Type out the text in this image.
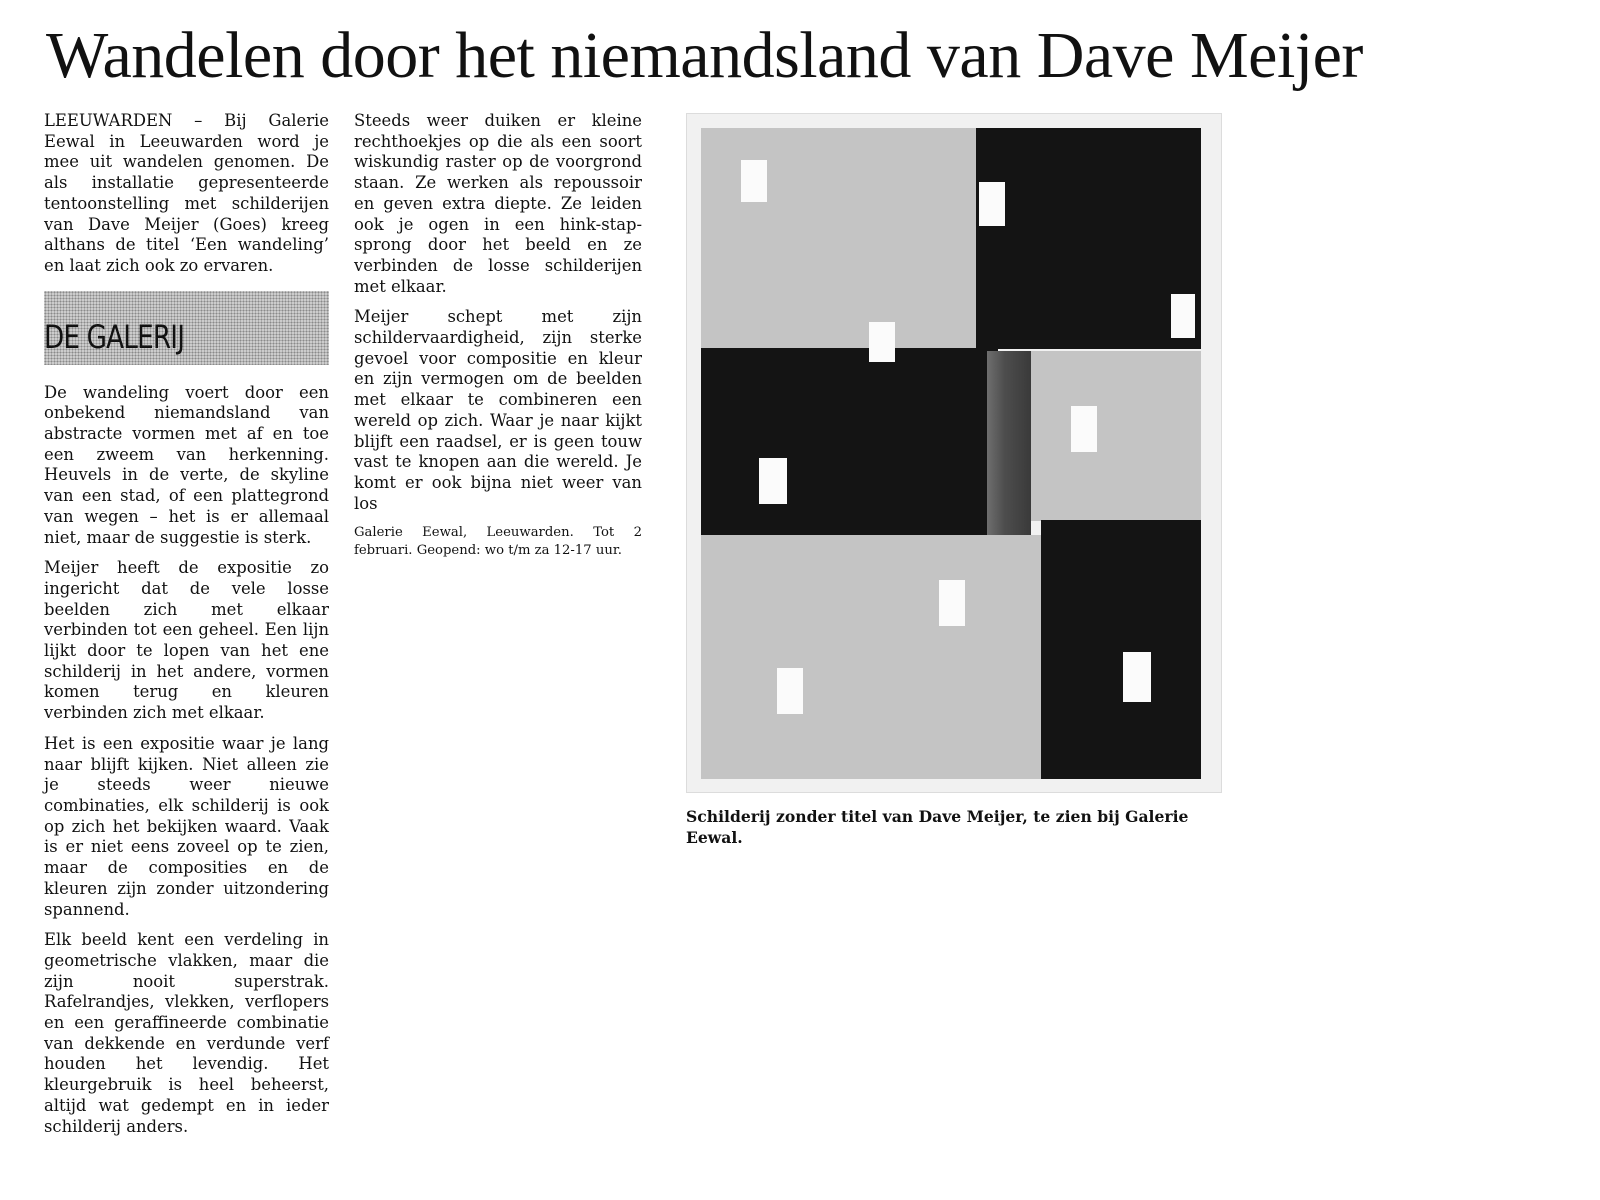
Wandelen door het niemandsland van Dave Meijer

LEEUWARDEN – Bij Galerie Eewal in Leeuwarden word je mee uit wandelen genomen. De als installatie gepresenteerde tentoonstelling met schilderijen van Dave Meijer (Goes) kreeg althans de titel ‘Een wandeling’ en laat zich ook zo ervaren.

DE GALERIJ

De wandeling voert door een onbekend niemandsland van abstracte vormen met af en toe een zweem van herkenning. Heuvels in de verte, de skyline van een stad, of een plattegrond van wegen – het is er allemaal niet, maar de suggestie is sterk.

Meijer heeft de expositie zo ingericht dat de vele losse beelden zich met elkaar verbinden tot een geheel. Een lijn lijkt door te lopen van het ene schilderij in het andere, vormen komen terug en kleuren verbinden zich met elkaar.

Het is een expositie waar je lang naar blijft kijken. Niet alleen zie je steeds weer nieuwe combinaties, elk schilderij is ook op zich het bekijken waard. Vaak is er niet eens zoveel op te zien, maar de composities en de kleuren zijn zonder uitzondering spannend.

Elk beeld kent een verdeling in geometrische vlakken, maar die zijn nooit superstrak. Rafelrandjes, vlekken, verflopers en een geraffineerde combinatie van dekkende en verdunde verf houden het levendig. Het kleurgebruik is heel beheerst, altijd wat gedempt en in ieder schilderij anders.

Steeds weer duiken er kleine rechthoekjes op die als een soort wiskundig raster op de voorgrond staan. Ze werken als repoussoir en geven extra diepte. Ze leiden ook je ogen in een hink-stap-sprong door het beeld en ze verbinden de losse schilderijen met elkaar.

Meijer schept met zijn schildervaardigheid, zijn sterke gevoel voor compositie en kleur en zijn vermogen om de beelden met elkaar te combineren een wereld op zich. Waar je naar kijkt blijft een raadsel, er is geen touw vast te knopen aan die wereld. Je komt er ook bijna niet weer van los

Galerie Eewal, Leeuwarden. Tot 2 februari. Geopend: wo t/m za 12-17 uur.

Schilderij zonder titel van Dave Meijer, te zien bij Galerie Eewal.
